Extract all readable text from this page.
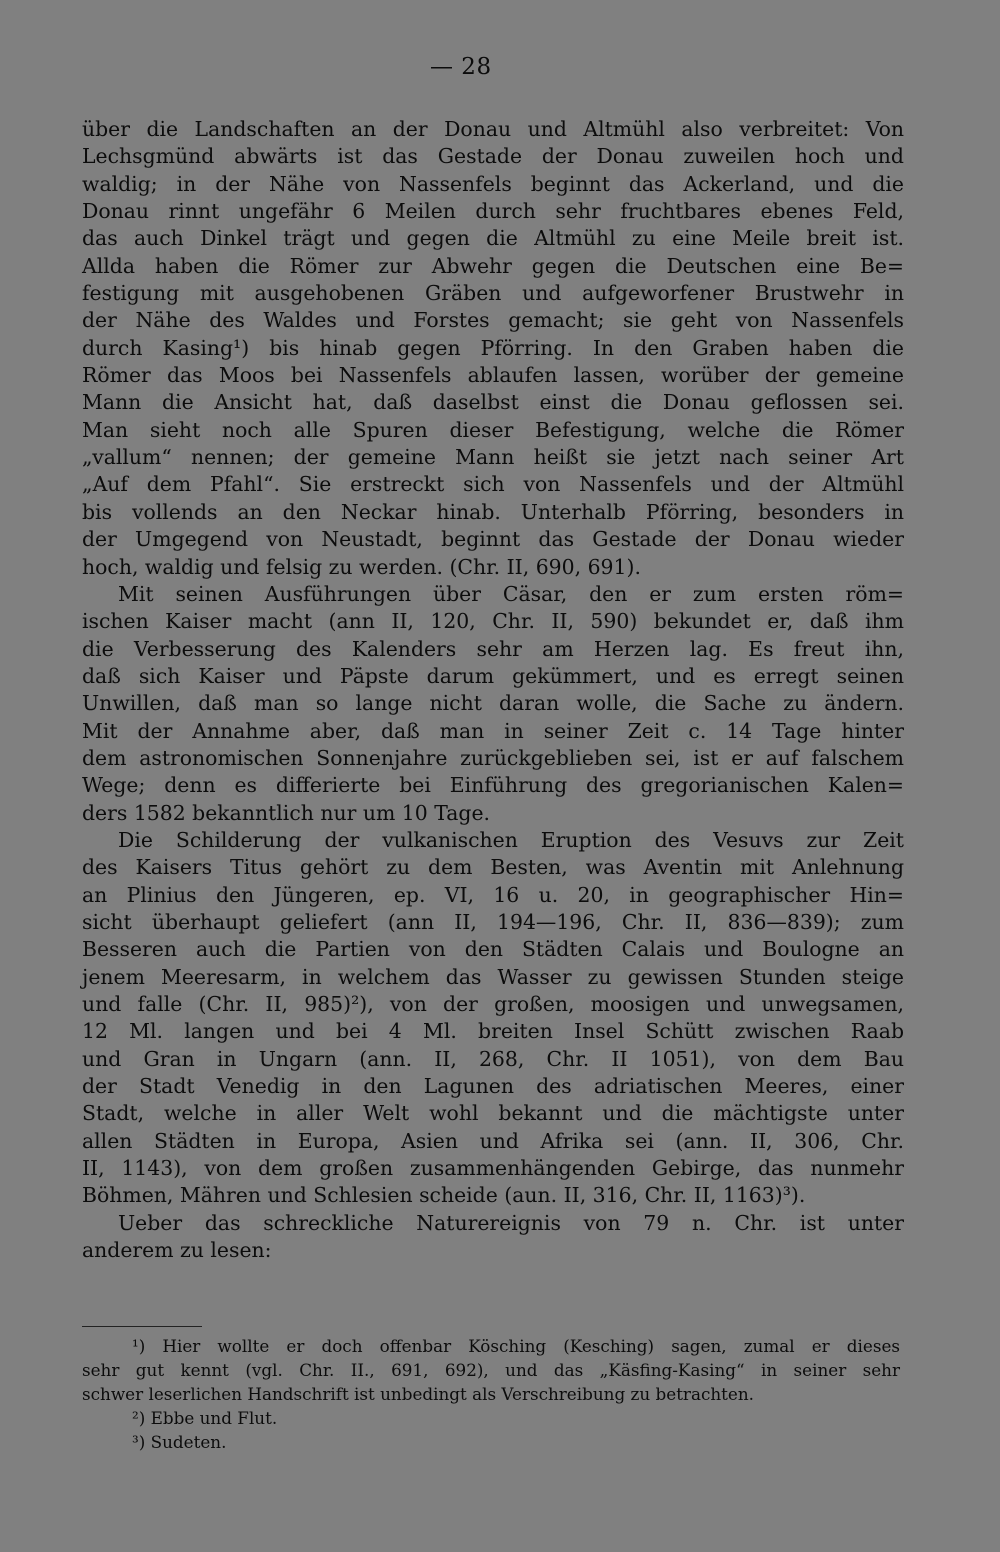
— 28
über die Landschaften an der Donau und Altmühl also verbreitet: Von
Lechsgmünd abwärts ist das Gestade der Donau zuweilen hoch und
waldig; in der Nähe von Nassenfels beginnt das Ackerland, und die
Donau rinnt ungefähr 6 Meilen durch sehr fruchtbares ebenes Feld,
das auch Dinkel trägt und gegen die Altmühl zu eine Meile breit ist.
Allda haben die Römer zur Abwehr gegen die Deutschen eine Be=
festigung mit ausgehobenen Gräben und aufgeworfener Brustwehr in
der Nähe des Waldes und Forstes gemacht; sie geht von Nassenfels
durch Kasing¹) bis hinab gegen Pförring. In den Graben haben die
Römer das Moos bei Nassenfels ablaufen lassen, worüber der gemeine
Mann die Ansicht hat, daß daselbst einst die Donau geflossen sei.
Man sieht noch alle Spuren dieser Befestigung, welche die Römer
„vallum“ nennen; der gemeine Mann heißt sie jetzt nach seiner Art
„Auf dem Pfahl“. Sie erstreckt sich von Nassenfels und der Altmühl
bis vollends an den Neckar hinab. Unterhalb Pförring, besonders in
der Umgegend von Neustadt, beginnt das Gestade der Donau wieder
hoch, waldig und felsig zu werden. (Chr. II, 690, 691).
Mit seinen Ausführungen über Cäsar, den er zum ersten röm=
ischen Kaiser macht (ann II, 120, Chr. II, 590) bekundet er, daß ihm
die Verbesserung des Kalenders sehr am Herzen lag. Es freut ihn,
daß sich Kaiser und Päpste darum gekümmert, und es erregt seinen
Unwillen, daß man so lange nicht daran wolle, die Sache zu ändern.
Mit der Annahme aber, daß man in seiner Zeit c. 14 Tage hinter
dem astronomischen Sonnenjahre zurückgeblieben sei, ist er auf falschem
Wege; denn es differierte bei Einführung des gregorianischen Kalen=
ders 1582 bekanntlich nur um 10 Tage.
Die Schilderung der vulkanischen Eruption des Vesuvs zur Zeit
des Kaisers Titus gehört zu dem Besten, was Aventin mit Anlehnung
an Plinius den Jüngeren, ep. VI, 16 u. 20, in geographischer Hin=
sicht überhaupt geliefert (ann II, 194—196, Chr. II, 836—839); zum
Besseren auch die Partien von den Städten Calais und Boulogne an
jenem Meeresarm, in welchem das Wasser zu gewissen Stunden steige
und falle (Chr. II, 985)²), von der großen, moosigen und unwegsamen,
12 Ml. langen und bei 4 Ml. breiten Insel Schütt zwischen Raab
und Gran in Ungarn (ann. II, 268, Chr. II 1051), von dem Bau
der Stadt Venedig in den Lagunen des adriatischen Meeres, einer
Stadt, welche in aller Welt wohl bekannt und die mächtigste unter
allen Städten in Europa, Asien und Afrika sei (ann. II, 306, Chr.
II, 1143), von dem großen zusammenhängenden Gebirge, das nunmehr
Böhmen, Mähren und Schlesien scheide (aun. II, 316, Chr. II, 1163)³).
Ueber das schreckliche Naturereignis von 79 n. Chr. ist unter
anderem zu lesen:
¹) Hier wollte er doch offenbar Kösching (Kesching) sagen, zumal er dieses
sehr gut kennt (vgl. Chr. II., 691, 692), und das „Käsfing-Kasing“ in seiner sehr
schwer leserlichen Handschrift ist unbedingt als Verschreibung zu betrachten.
²) Ebbe und Flut.
³) Sudeten.
